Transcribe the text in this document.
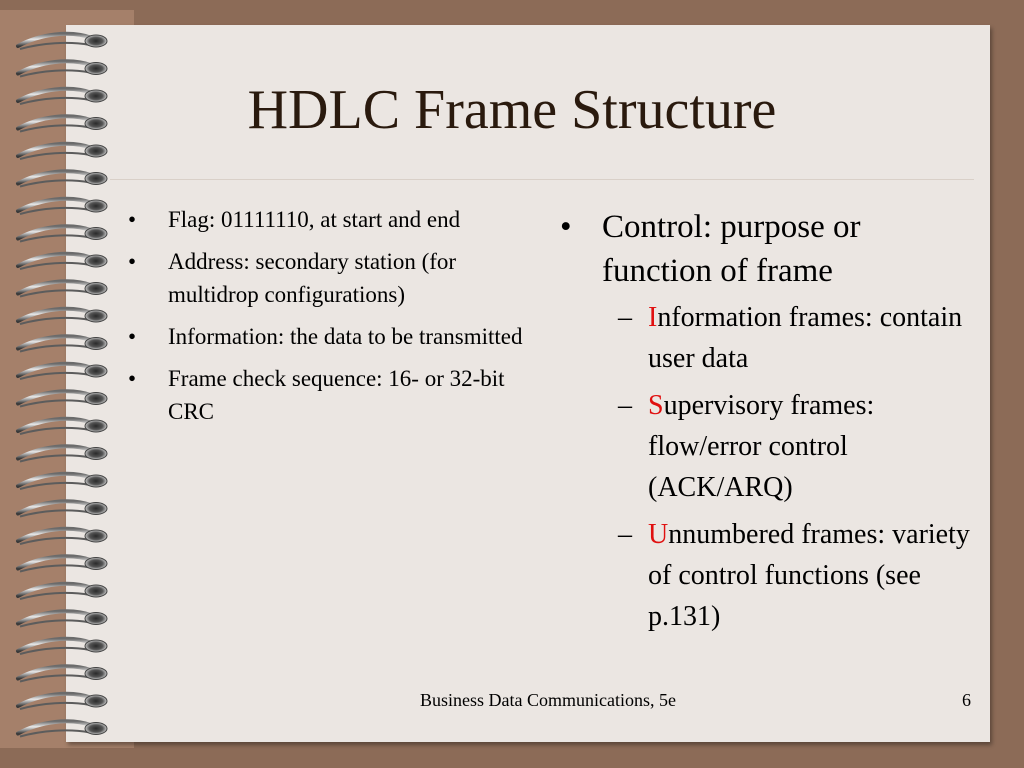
HDLC Frame Structure
•	Flag: 01111110, at start and end
•	Address: secondary station (for multidrop configurations)
•	Information: the data to be transmitted
•	Frame check sequence: 16- or 32-bit CRC
• Control: purpose or function of frame
– Information frames: contain user data
– Supervisory frames: flow/error control (ACK/ARQ)
– Unnumbered frames: variety of control functions (see p.131)
Business Data Communications, 5e	6
